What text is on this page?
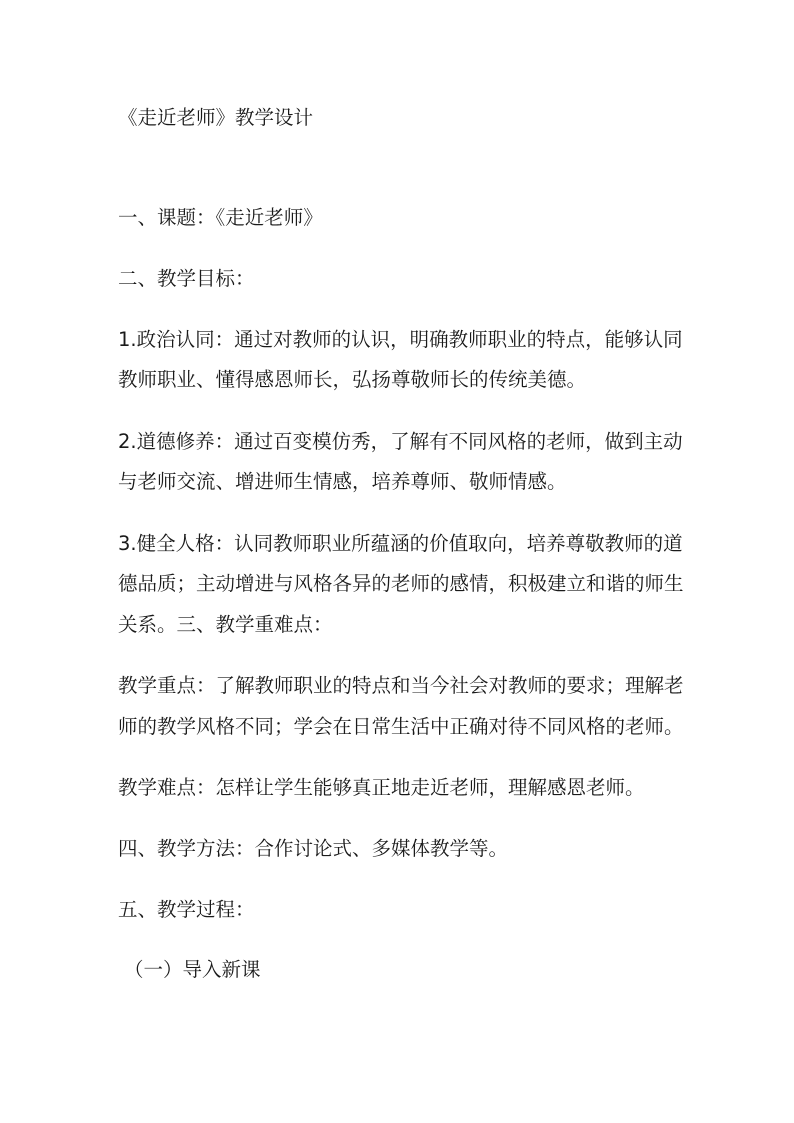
《走近老师》教学设计
一、课题：《走近老师》
二、教学目标：
1.政治认同：通过对教师的认识，明确教师职业的特点，能够认同
教师职业、懂得感恩师长，弘扬尊敬师长的传统美德。
2.道德修养：通过百变模仿秀，了解有不同风格的老师，做到主动
与老师交流、增进师生情感，培养尊师、敬师情感。
3.健全人格：认同教师职业所蕴涵的价值取向，培养尊敬教师的道
德品质；主动增进与风格各异的老师的感情，积极建立和谐的师生
关系。三、教学重难点：
教学重点：了解教师职业的特点和当今社会对教师的要求；理解老
师的教学风格不同；学会在日常生活中正确对待不同风格的老师。
教学难点：怎样让学生能够真正地走近老师，理解感恩老师。
四、教学方法：合作讨论式、多媒体教学等。
五、教学过程：
（一）导入新课
